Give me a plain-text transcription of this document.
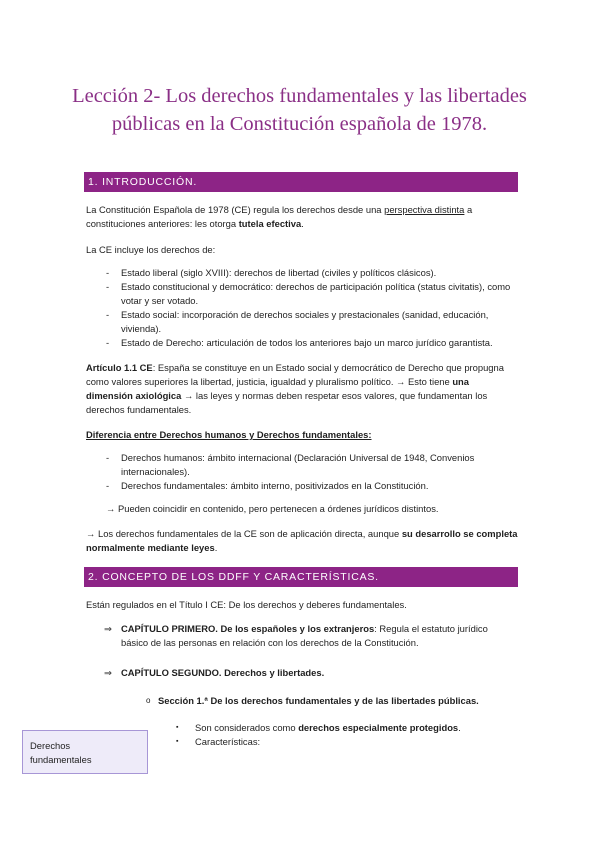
Lección 2- Los derechos fundamentales y las libertades públicas en la Constitución española de 1978.
1. INTRODUCCIÓN.
La Constitución Española de 1978 (CE) regula los derechos desde una perspectiva distinta a constituciones anteriores: les otorga tutela efectiva.
La CE incluye los derechos de:
- Estado liberal (siglo XVIII): derechos de libertad (civiles y políticos clásicos).
- Estado constitucional y democrático: derechos de participación política (status civitatis), como votar y ser votado.
- Estado social: incorporación de derechos sociales y prestacionales (sanidad, educación, vivienda).
- Estado de Derecho: articulación de todos los anteriores bajo un marco jurídico garantista.
Artículo 1.1 CE: España se constituye en un Estado social y democrático de Derecho que propugna como valores superiores la libertad, justicia, igualdad y pluralismo político. → Esto tiene una dimensión axiológica → las leyes y normas deben respetar esos valores, que fundamentan los derechos fundamentales.
Diferencia entre Derechos humanos y Derechos fundamentales:
- Derechos humanos: ámbito internacional (Declaración Universal de 1948, Convenios internacionales).
- Derechos fundamentales: ámbito interno, positivizados en la Constitución.
→ Pueden coincidir en contenido, pero pertenecen a órdenes jurídicos distintos.
→ Los derechos fundamentales de la CE son de aplicación directa, aunque su desarrollo se completa normalmente mediante leyes.
2. CONCEPTO DE LOS DDFF Y CARACTERÍSTICAS.
Están regulados en el Título I CE: De los derechos y deberes fundamentales.
⇒ CAPÍTULO PRIMERO. De los españoles y los extranjeros: Regula el estatuto jurídico básico de las personas en relación con los derechos de la Constitución.
⇒ CAPÍTULO SEGUNDO. Derechos y libertades.
o Sección 1.ª De los derechos fundamentales y de las libertades públicas.
▪ Son considerados como derechos especialmente protegidos.
▪ Características:
Derechos
fundamentales
